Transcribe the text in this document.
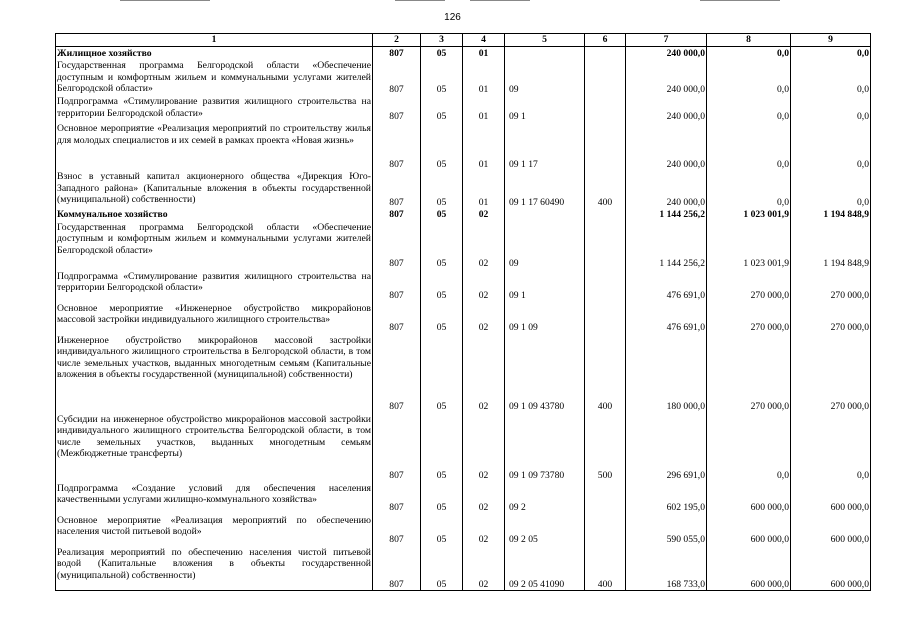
126
1	2	3	4	5	6	7	8	9
Жилищное хозяйство	807	05	01			240 000,0	0,0	0,0
Государственная программа Белгородской области «Обеспечение доступным и комфортным жильем и коммунальными услугами жителей Белгородской области»	807	05	01	09		240 000,0	0,0	0,0
Подпрограмма «Стимулирование развития жилищного строительства на территории Белгородской области»	807	05	01	09 1		240 000,0	0,0	0,0
Основное мероприятие «Реализация мероприятий по строительству жилья для молодых специалистов и их семей в рамках проекта «Новая жизнь»	807	05	01	09 1 17		240 000,0	0,0	0,0
Взнос в уставный капитал акционерного общества «Дирекция Юго-Западного района» (Капитальные вложения в объекты государственной (муниципальной) собственности)	807	05	01	09 1 17 60490	400	240 000,0	0,0	0,0
Коммунальное хозяйство	807	05	02			1 144 256,2	1 023 001,9	1 194 848,9
Государственная программа Белгородской области «Обеспечение доступным и комфортным жильем и коммунальными услугами жителей Белгородской области»	807	05	02	09		1 144 256,2	1 023 001,9	1 194 848,9
Подпрограмма «Стимулирование развития жилищного строительства на территории Белгородской области»	807	05	02	09 1		476 691,0	270 000,0	270 000,0
Основное мероприятие «Инженерное обустройство микрорайонов массовой застройки индивидуального жилищного строительства»	807	05	02	09 1 09		476 691,0	270 000,0	270 000,0
Инженерное обустройство микрорайонов массовой застройки индивидуального жилищного строительства в Белгородской области, в том числе земельных участков, выданных многодетным семьям (Капитальные вложения в объекты государственной (муниципальной) собственности)	807	05	02	09 1 09 43780	400	180 000,0	270 000,0	270 000,0
Субсидии на инженерное обустройство микрорайонов массовой застройки индивидуального жилищного строительства Белгородской области, в том числе земельных участков, выданных многодетным семьям (Межбюджетные трансферты)	807	05	02	09 1 09 73780	500	296 691,0	0,0	0,0
Подпрограмма «Создание условий для обеспечения населения качественными услугами жилищно-коммунального хозяйства»	807	05	02	09 2		602 195,0	600 000,0	600 000,0
Основное мероприятие «Реализация мероприятий по обеспечению населения чистой питьевой водой»	807	05	02	09 2 05		590 055,0	600 000,0	600 000,0
Реализация мероприятий по обеспечению населения чистой питьевой водой (Капитальные вложения в объекты государственной (муниципальной) собственности)	807	05	02	09 2 05 41090	400	168 733,0	600 000,0	600 000,0
